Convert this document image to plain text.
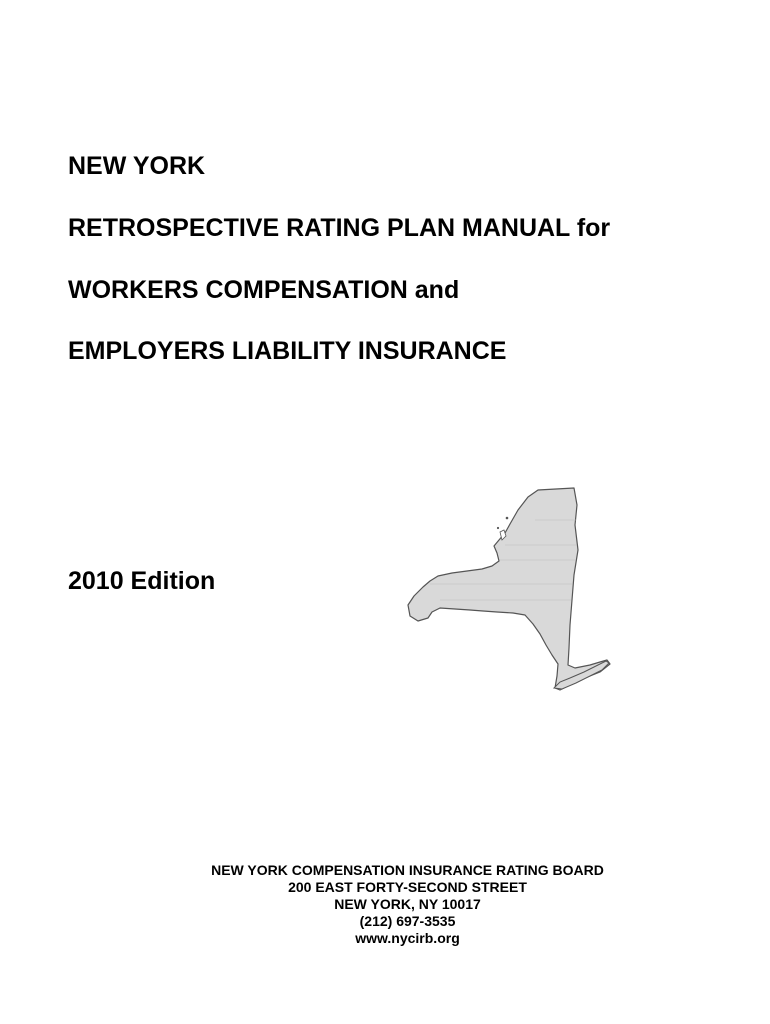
NEW YORK
RETROSPECTIVE RATING PLAN MANUAL for
WORKERS COMPENSATION and
EMPLOYERS LIABILITY INSURANCE
2010 Edition
NEW YORK COMPENSATION INSURANCE RATING BOARD
200 EAST FORTY-SECOND STREET
NEW YORK, NY 10017
(212) 697-3535
www.nycirb.org
